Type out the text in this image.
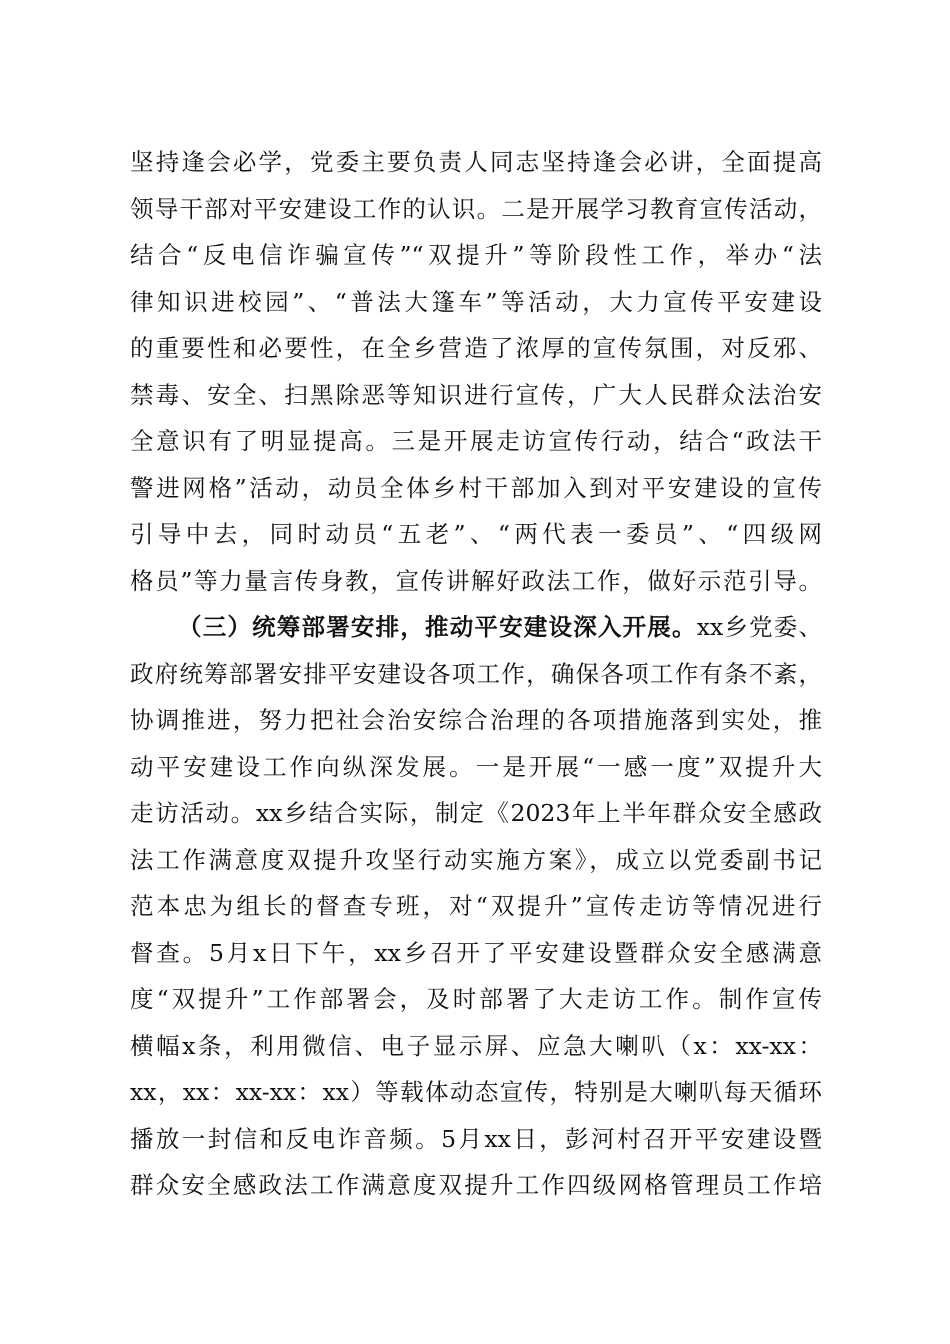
坚持逢会必学，党委主要负责人同志坚持逢会必讲，全面提高
领导干部对平安建设工作的认识。二是开展学习教育宣传活动，
结合“反电信诈骗宣传”“双提升”等阶段性工作，举办“法
律知识进校园”、“普法大篷车”等活动，大力宣传平安建设
的重要性和必要性，在全乡营造了浓厚的宣传氛围，对反邪、
禁毒、安全、扫黑除恶等知识进行宣传，广大人民群众法治安
全意识有了明显提高。三是开展走访宣传行动，结合“政法干
警进网格”活动，动员全体乡村干部加入到对平安建设的宣传
引导中去，同时动员“五老”、“两代表一委员”、“四级网
格员”等力量言传身教，宣传讲解好政法工作，做好示范引导。
（三）统筹部署安排，推动平安建设深入开展。xx乡党委、
政府统筹部署安排平安建设各项工作，确保各项工作有条不紊，
协调推进，努力把社会治安综合治理的各项措施落到实处，推
动平安建设工作向纵深发展。一是开展“一感一度”双提升大
走访活动。xx乡结合实际，制定《2023年上半年群众安全感政
法工作满意度双提升攻坚行动实施方案》，成立以党委副书记
范本忠为组长的督查专班，对“双提升”宣传走访等情况进行
督查。5月x日下午，xx乡召开了平安建设暨群众安全感满意
度“双提升”工作部署会，及时部署了大走访工作。制作宣传
横幅x条，利用微信、电子显示屏、应急大喇叭（x：xx-xx：
xx，xx：xx-xx：xx）等载体动态宣传，特别是大喇叭每天循环
播放一封信和反电诈音频。5月xx日，彭河村召开平安建设暨
群众安全感政法工作满意度双提升工作四级网格管理员工作培
